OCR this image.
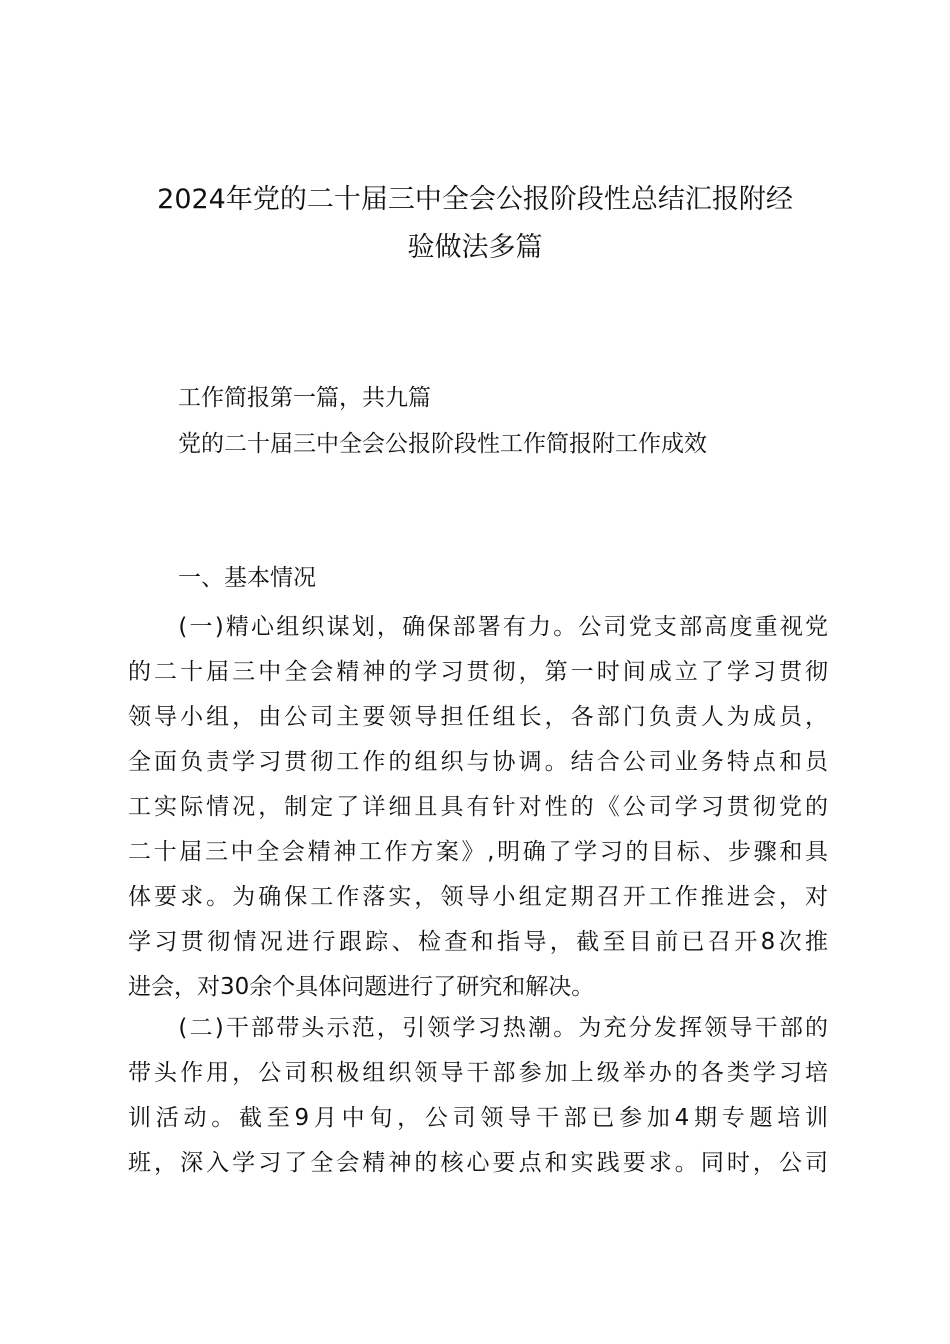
2024年党的二十届三中全会公报阶段性总结汇报附经
验做法多篇

工作简报第一篇，共九篇

党的二十届三中全会公报阶段性工作简报附工作成效

一、基本情况

　　(一)精心组织谋划，确保部署有力。公司党支部高度重视党
的二十届三中全会精神的学习贯彻，第一时间成立了学习贯彻
领导小组，由公司主要领导担任组长，各部门负责人为成员，
全面负责学习贯彻工作的组织与协调。结合公司业务特点和员
工实际情况，制定了详细且具有针对性的《公司学习贯彻党的
二十届三中全会精神工作方案》,明确了学习的目标、步骤和具
体要求。为确保工作落实，领导小组定期召开工作推进会，对
学习贯彻情况进行跟踪、检查和指导，截至目前已召开8次推
进会，对30余个具体问题进行了研究和解决。
　　(二)干部带头示范，引领学习热潮。为充分发挥领导干部的
带头作用，公司积极组织领导干部参加上级举办的各类学习培
训活动。截至9月中旬，公司领导干部已参加4期专题培训
班，深入学习了全会精神的核心要点和实践要求。同时，公司
